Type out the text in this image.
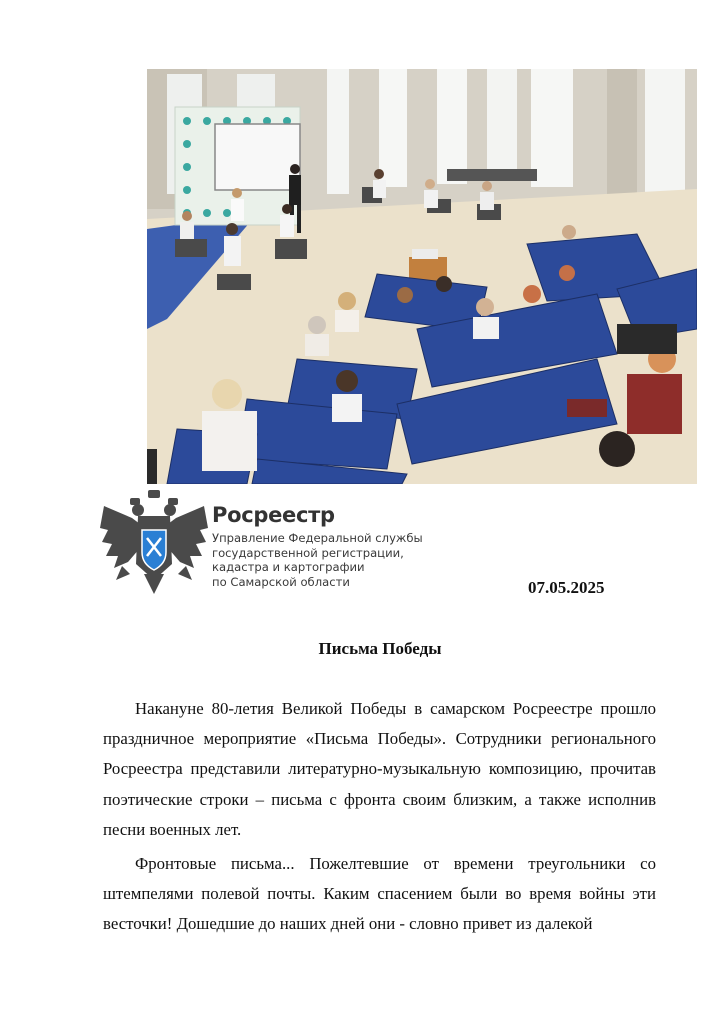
Росреестр
Управление Федеральной службы
государственной регистрации,
кадастра и картографии
по Самарской области	07.05.2025

Письма Победы

Накануне 80-летия Великой Победы в самарском Росреестре прошло праздничное мероприятие «Письма Победы». Сотрудники регионального Росреестра представили литературно-музыкальную композицию, прочитав поэтические строки – письма с фронта своим близким, а также исполнив песни военных лет.

Фронтовые письма... Пожелтевшие от времени треугольники со штемпелями полевой почты. Каким спасением были во время войны эти весточки! Дошедшие до наших дней они - словно привет из далекой
